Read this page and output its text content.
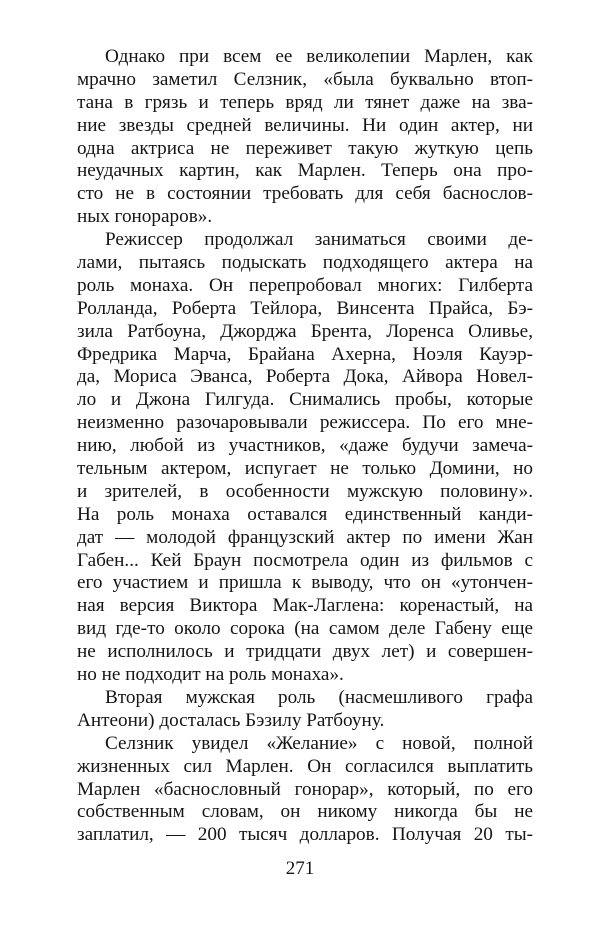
Однако при всем ее великолепии Марлен, как
мрачно заметил Селзник, «была буквально втоп-
тана в грязь и теперь вряд ли тянет даже на зва-
ние звезды средней величины. Ни один актер, ни
одна актриса не переживет такую жуткую цепь
неудачных картин, как Марлен. Теперь она про-
сто не в состоянии требовать для себя баснослов-
ных гонораров».
Режиссер продолжал заниматься своими де-
лами, пытаясь подыскать подходящего актера на
роль монаха. Он перепробовал многих: Гилберта
Ролланда, Роберта Тейлора, Винсента Прайса, Бэ-
зила Ратбоуна, Джорджа Брента, Лоренса Оливье,
Фредрика Марча, Брайана Ахерна, Ноэля Кауэр-
да, Мориса Эванса, Роберта Дока, Айвора Новел-
ло и Джона Гилгуда. Снимались пробы, которые
неизменно разочаровывали режиссера. По его мне-
нию, любой из участников, «даже будучи замеча-
тельным актером, испугает не только Домини, но
и зрителей, в особенности мужскую половину».
На роль монаха оставался единственный канди-
дат — молодой французский актер по имени Жан
Габен... Кей Браун посмотрела один из фильмов с
его участием и пришла к выводу, что он «утончен-
ная версия Виктора Мак-Лаглена: коренастый, на
вид где-то около сорока (на самом деле Габену еще
не исполнилось и тридцати двух лет) и совершен-
но не подходит на роль монаха».
Вторая мужская роль (насмешливого графа
Антеони) досталась Бэзилу Ратбоуну.
Селзник увидел «Желание» с новой, полной
жизненных сил Марлен. Он согласился выплатить
Марлен «баснословный гонорар», который, по его
собственным словам, он никому никогда бы не
заплатил, — 200 тысяч долларов. Получая 20 ты-
271
